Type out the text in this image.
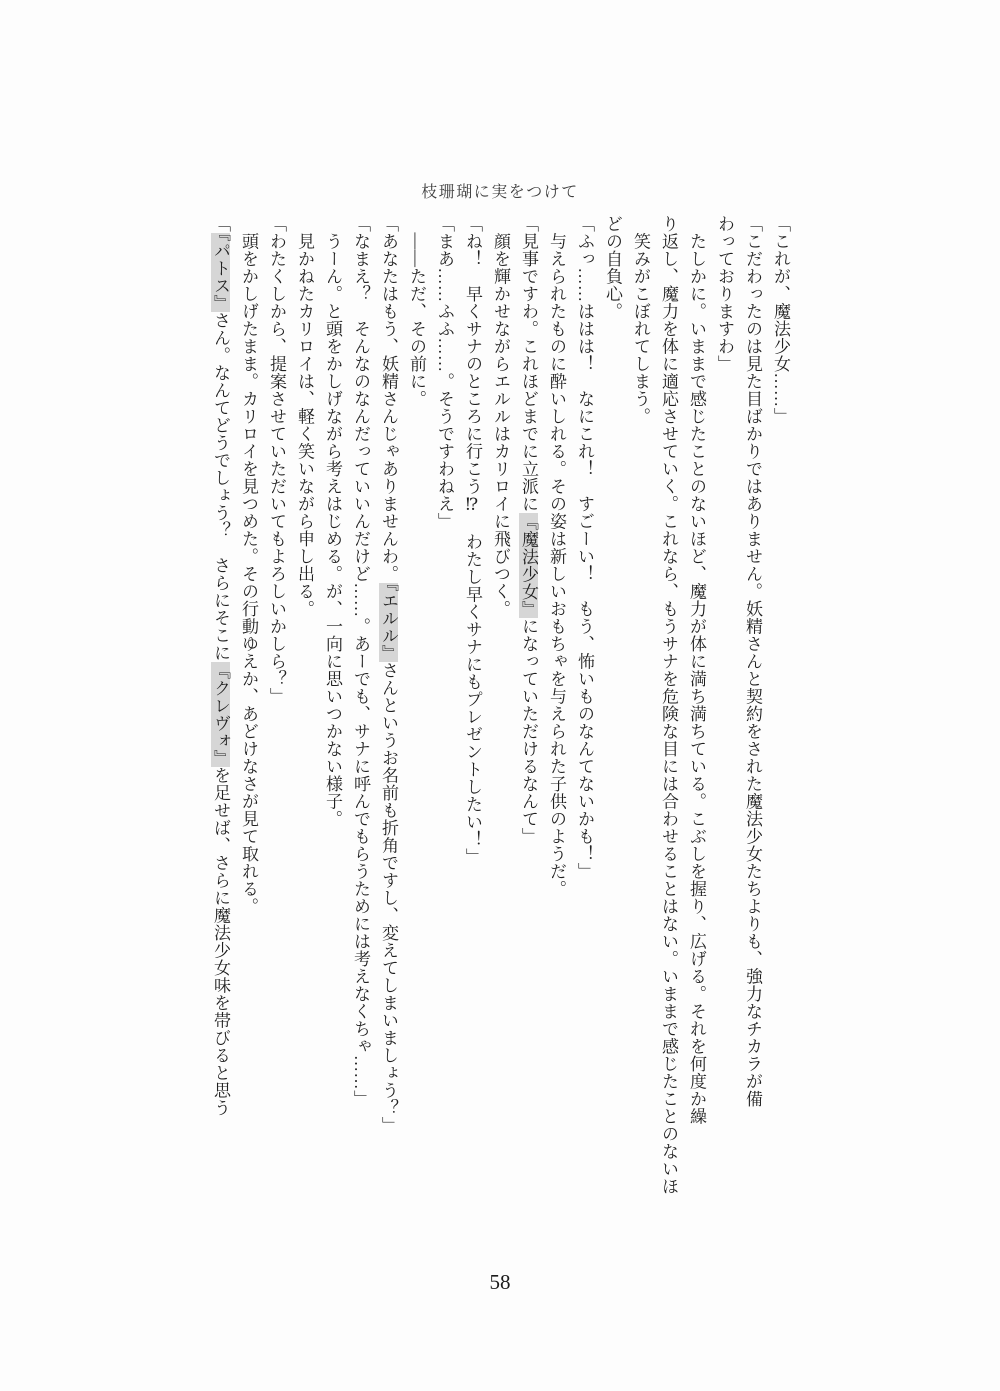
枝珊瑚に実をつけて

「これが、魔法少女……」

「こだわったのは見た目ばかりではありません。妖精さんと契約をされた魔法少女たちよりも、強力なチカラが備

わっておりますわ」

　たしかに。いままで感じたことのないほど、魔力が体に満ち満ちている。こぶしを握り、広げる。それを何度か繰

り返し、魔力を体に適応させていく。これなら、もうサナを危険な目には合わせることはない。いままで感じたことのないほ

　笑みがこぼれてしまう。

どの自負心。

「ふっ……ははは！　なにこれ！　すごーい！　もう、怖いものなんてないかも！」

　与えられたものに酔いしれる。その姿は新しいおもちゃを与えられた子供のようだ。

「見事ですわ。これほどまでに立派に『魔法少女』になっていただけるなんて」

　顔を輝かせながらエルルはカリロイに飛びつく。

「ね！　早くサナのところに行こう⁉　わたし早くサナにもプレゼントしたい！」

「まあ……ふふ……。そうですわねえ」

　――ただ、その前に。

「あなたはもう、妖精さんじゃありませんわ。『エルル』さんというお名前も折角ですし、変えてしまいましょう？」

「なまえ？　そんなのなんだっていいんだけど……。あーでも、サナに呼んでもらうためには考えなくちゃ……」

　うーん。と頭をかしげながら考えはじめる。が、一向に思いつかない様子。

　見かねたカリロイは、軽く笑いながら申し出る。

「わたくしから、提案させていただいてもよろしいかしら？」

　頭をかしげたまま。カリロイを見つめた。その行動ゆえか、あどけなさが見て取れる。

「『パトス』さん。なんてどうでしょう？　さらにそこに『クレヴォ』を足せば、さらに魔法少女味を帯びると思う

58
